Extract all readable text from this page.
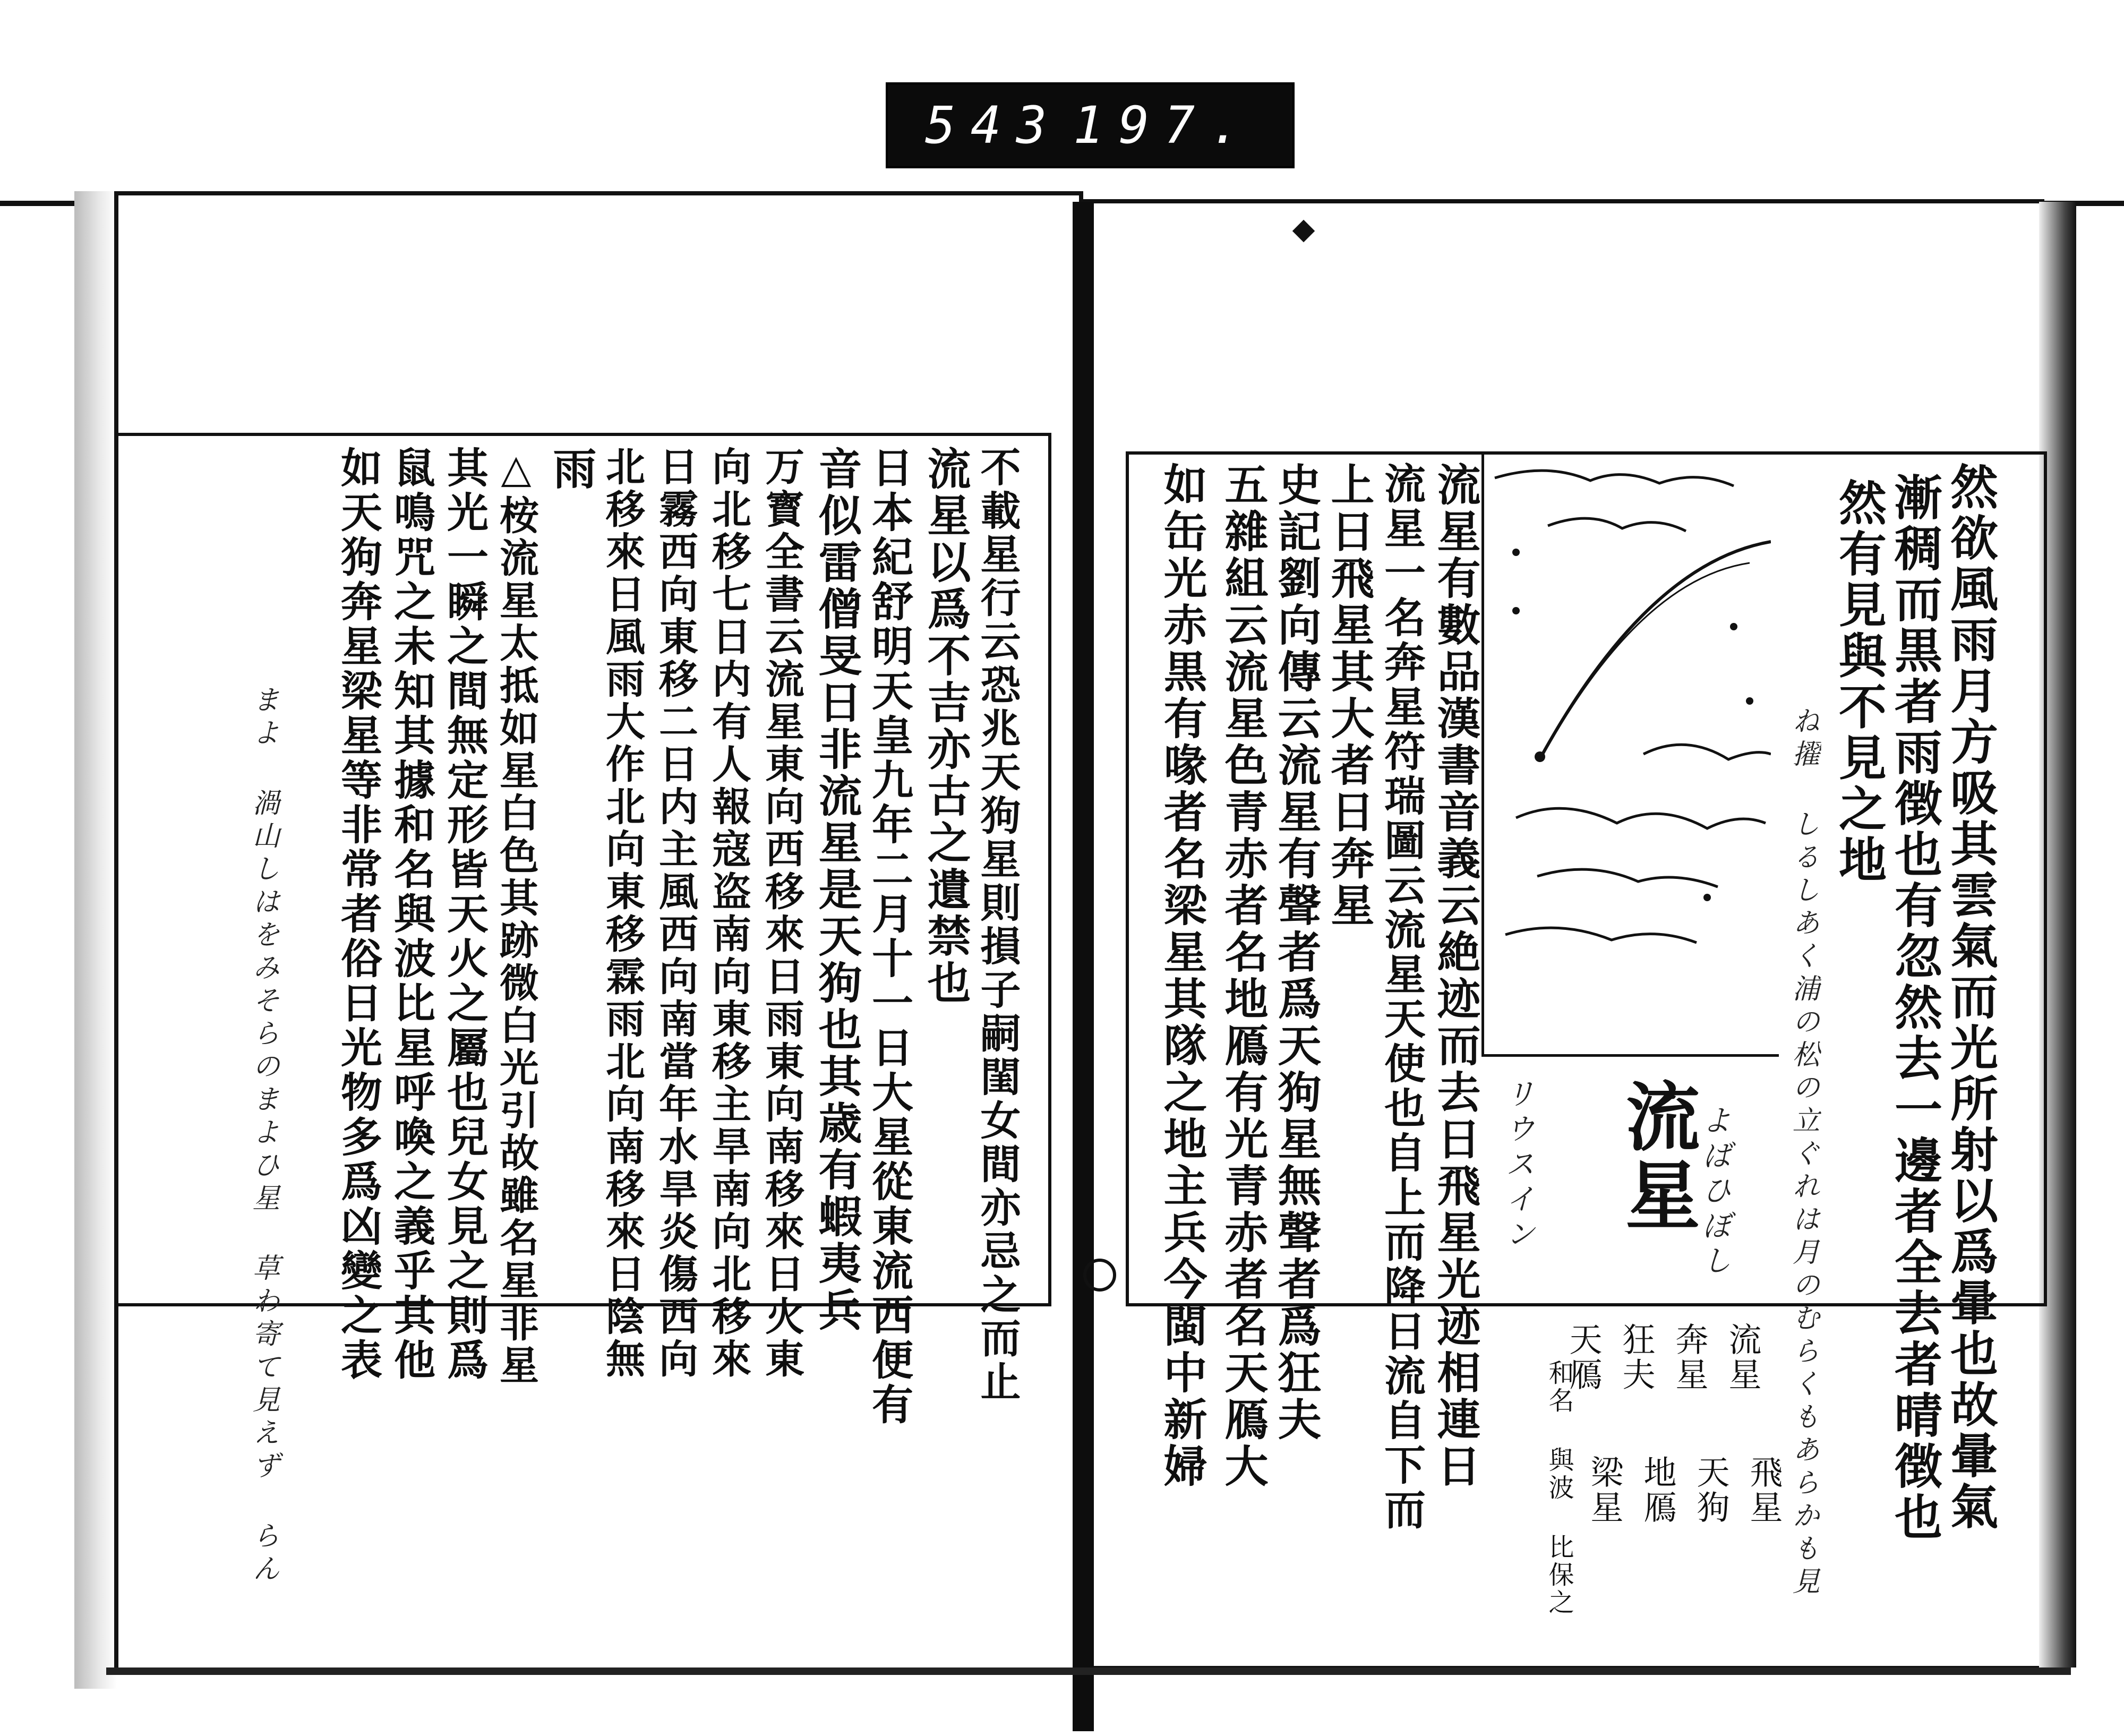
543 197.
然欲風雨月方吸其雲氣而光所射以爲暈也故暈氣
漸稠而黒者雨徴也有忽然去一邊者全去者晴徴也
然有見與不見之地
ね擢 しるしあく浦の松の立ぐれは月のむらくもあらかも見
流星
よばひぼし
リウスイン
流星
奔星
狂夫
天鴈
飛星
天狗
地鴈
梁星
和名 與波 比保之
流星有數品漢書音義云絶迹而去日飛星光迹相連日
流星一名奔星符瑞圖云流星天使也自上而降日流自下而
上日飛星其大者日奔星
史記劉向傳云流星有聲者爲天狗星無聲者爲狂夫
五雜組云流星色青赤者名地鴈有光青赤者名天鴈大
如缶光赤黒有喙者名梁星其隊之地主兵今閩中新婦
不載星行云恐兆天狗星則損子嗣閨女間亦忌之而止
流星以爲不吉亦古之遺禁也
日本紀舒明天皇九年二月十一日大星從東流西便有
音似雷僧旻日非流星是天狗也其歳有蝦夷兵
万寳全書云流星東向西移來日雨東向南移來日火東
向北移七日内有人報寇盗南向東移主旱南向北移來
日霧西向東移二日内主風西向南當年水旱炎傷西向
北移來日風雨大作北向東移霖雨北向南移來日陰無
雨
△桉流星太抵如星白色其跡微白光引故雖名星非星
其光一瞬之間無定形皆天火之屬也兒女見之則爲
鼠鳴咒之未知其據和名與波比星呼喚之義乎其他
如天狗奔星梁星等非常者俗日光物多爲凶變之表
まよ 渦山しはをみそらのまよひ星 草わ寄て見えず らん
